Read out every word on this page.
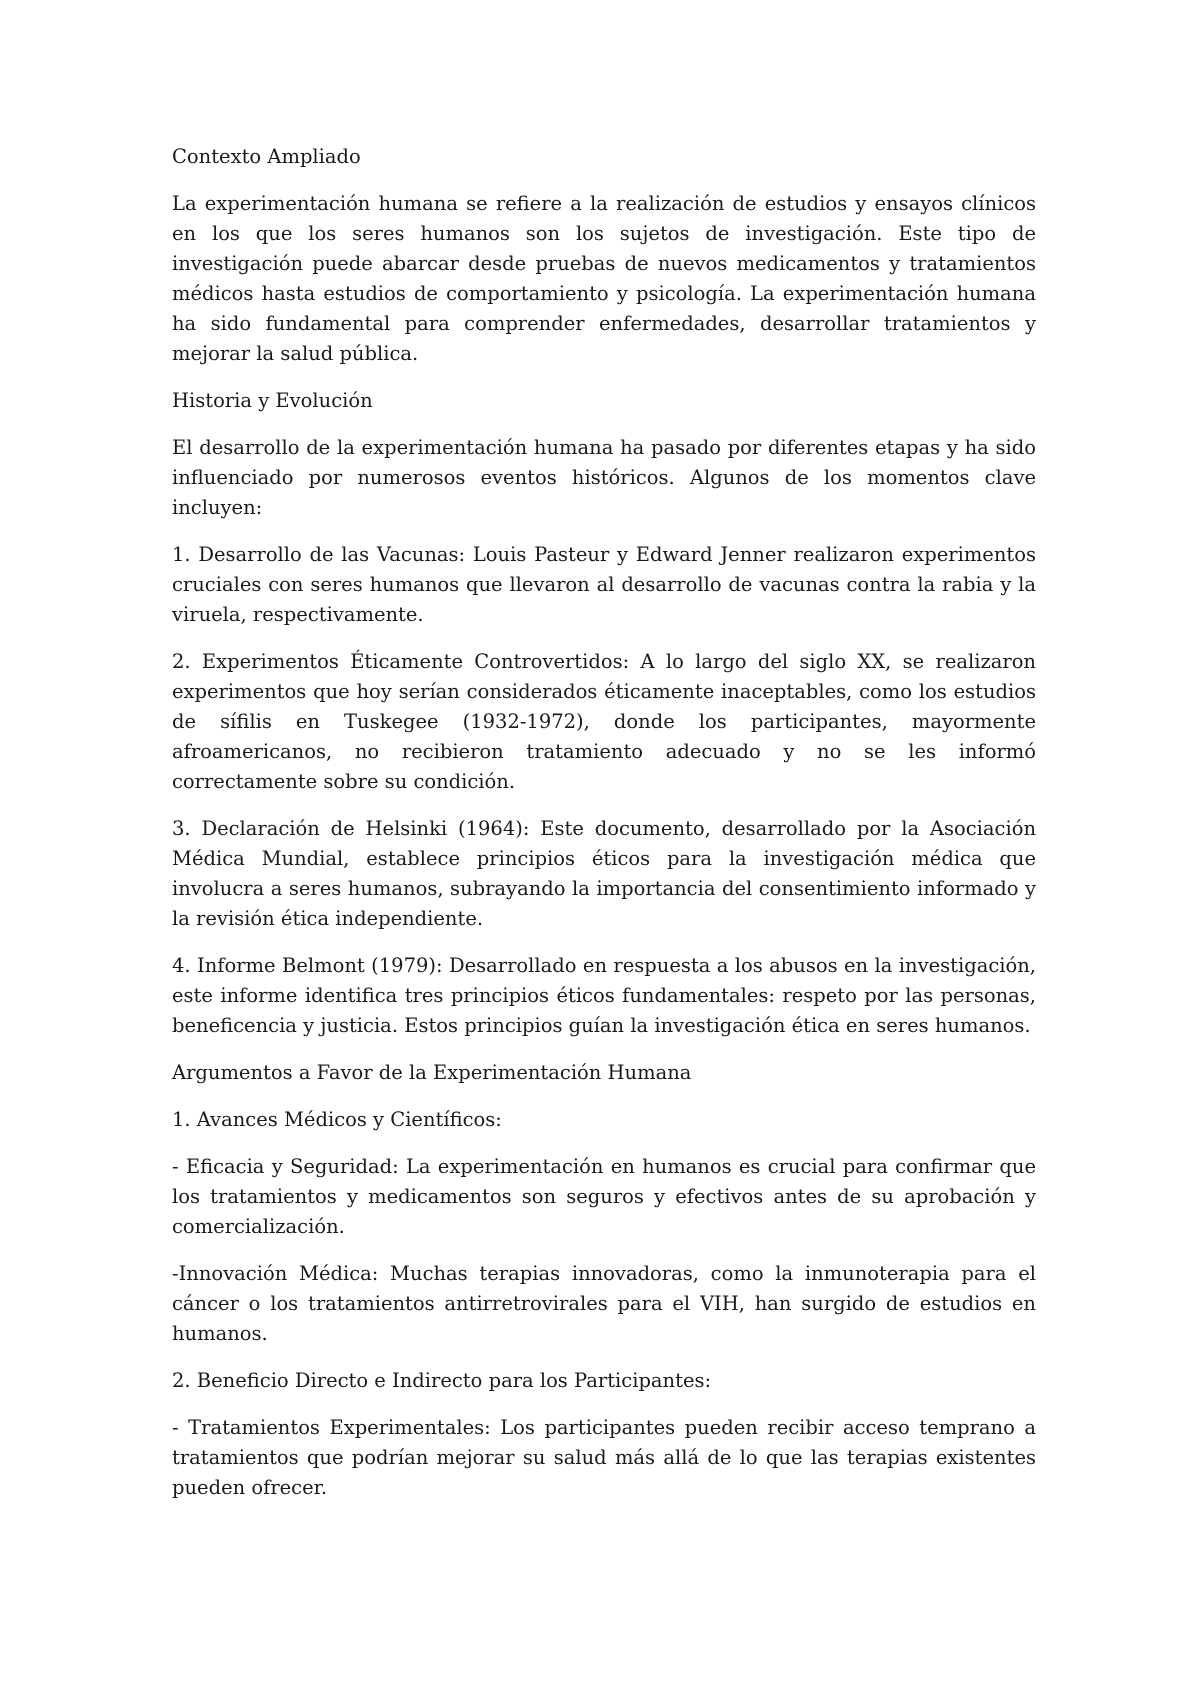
Contexto Ampliado

La experimentación humana se refiere a la realización de estudios y ensayos clínicos en los que los seres humanos son los sujetos de investigación. Este tipo de investigación puede abarcar desde pruebas de nuevos medicamentos y tratamientos médicos hasta estudios de comportamiento y psicología. La experimentación humana ha sido fundamental para comprender enfermedades, desarrollar tratamientos y mejorar la salud pública.

Historia y Evolución

El desarrollo de la experimentación humana ha pasado por diferentes etapas y ha sido influenciado por numerosos eventos históricos. Algunos de los momentos clave incluyen:

1. Desarrollo de las Vacunas: Louis Pasteur y Edward Jenner realizaron experimentos cruciales con seres humanos que llevaron al desarrollo de vacunas contra la rabia y la viruela, respectivamente.

2. Experimentos Éticamente Controvertidos: A lo largo del siglo XX, se realizaron experimentos que hoy serían considerados éticamente inaceptables, como los estudios de sífilis en Tuskegee (1932-1972), donde los participantes, mayormente afroamericanos, no recibieron tratamiento adecuado y no se les informó correctamente sobre su condición.

3. Declaración de Helsinki (1964): Este documento, desarrollado por la Asociación Médica Mundial, establece principios éticos para la investigación médica que involucra a seres humanos, subrayando la importancia del consentimiento informado y la revisión ética independiente.

4. Informe Belmont (1979): Desarrollado en respuesta a los abusos en la investigación, este informe identifica tres principios éticos fundamentales: respeto por las personas, beneficencia y justicia. Estos principios guían la investigación ética en seres humanos.

Argumentos a Favor de la Experimentación Humana

1. Avances Médicos y Científicos:

- Eficacia y Seguridad: La experimentación en humanos es crucial para confirmar que los tratamientos y medicamentos son seguros y efectivos antes de su aprobación y comercialización.

-Innovación Médica: Muchas terapias innovadoras, como la inmunoterapia para el cáncer o los tratamientos antirretrovirales para el VIH, han surgido de estudios en humanos.

2. Beneficio Directo e Indirecto para los Participantes:

- Tratamientos Experimentales: Los participantes pueden recibir acceso temprano a tratamientos que podrían mejorar su salud más allá de lo que las terapias existentes pueden ofrecer.
